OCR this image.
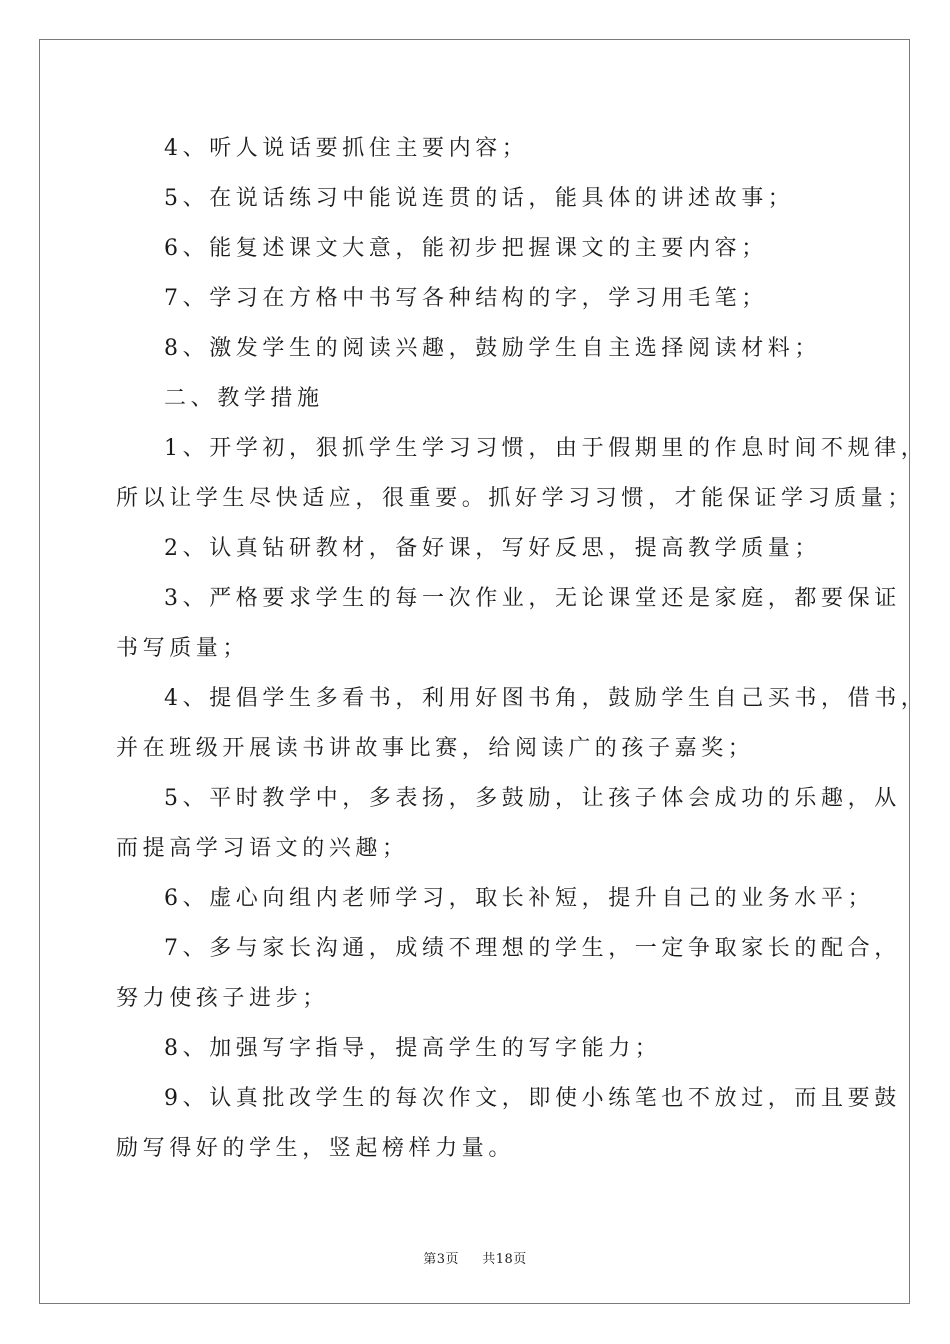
4、听人说话要抓住主要内容；

5、在说话练习中能说连贯的话，能具体的讲述故事；

6、能复述课文大意，能初步把握课文的主要内容；

7、学习在方格中书写各种结构的字，学习用毛笔；

8、激发学生的阅读兴趣，鼓励学生自主选择阅读材料；

二、教学措施

1、开学初，狠抓学生学习习惯，由于假期里的作息时间不规律，

所以让学生尽快适应，很重要。抓好学习习惯，才能保证学习质量；

2、认真钻研教材，备好课，写好反思，提高教学质量；

3、严格要求学生的每一次作业，无论课堂还是家庭，都要保证

书写质量；

4、提倡学生多看书，利用好图书角，鼓励学生自己买书，借书，

并在班级开展读书讲故事比赛，给阅读广的孩子嘉奖；

5、平时教学中，多表扬，多鼓励，让孩子体会成功的乐趣，从

而提高学习语文的兴趣；

6、虚心向组内老师学习，取长补短，提升自己的业务水平；

7、多与家长沟通，成绩不理想的学生，一定争取家长的配合，

努力使孩子进步；

8、加强写字指导，提高学生的写字能力；

9、认真批改学生的每次作文，即使小练笔也不放过，而且要鼓

励写得好的学生，竖起榜样力量。

第3页 共18页
